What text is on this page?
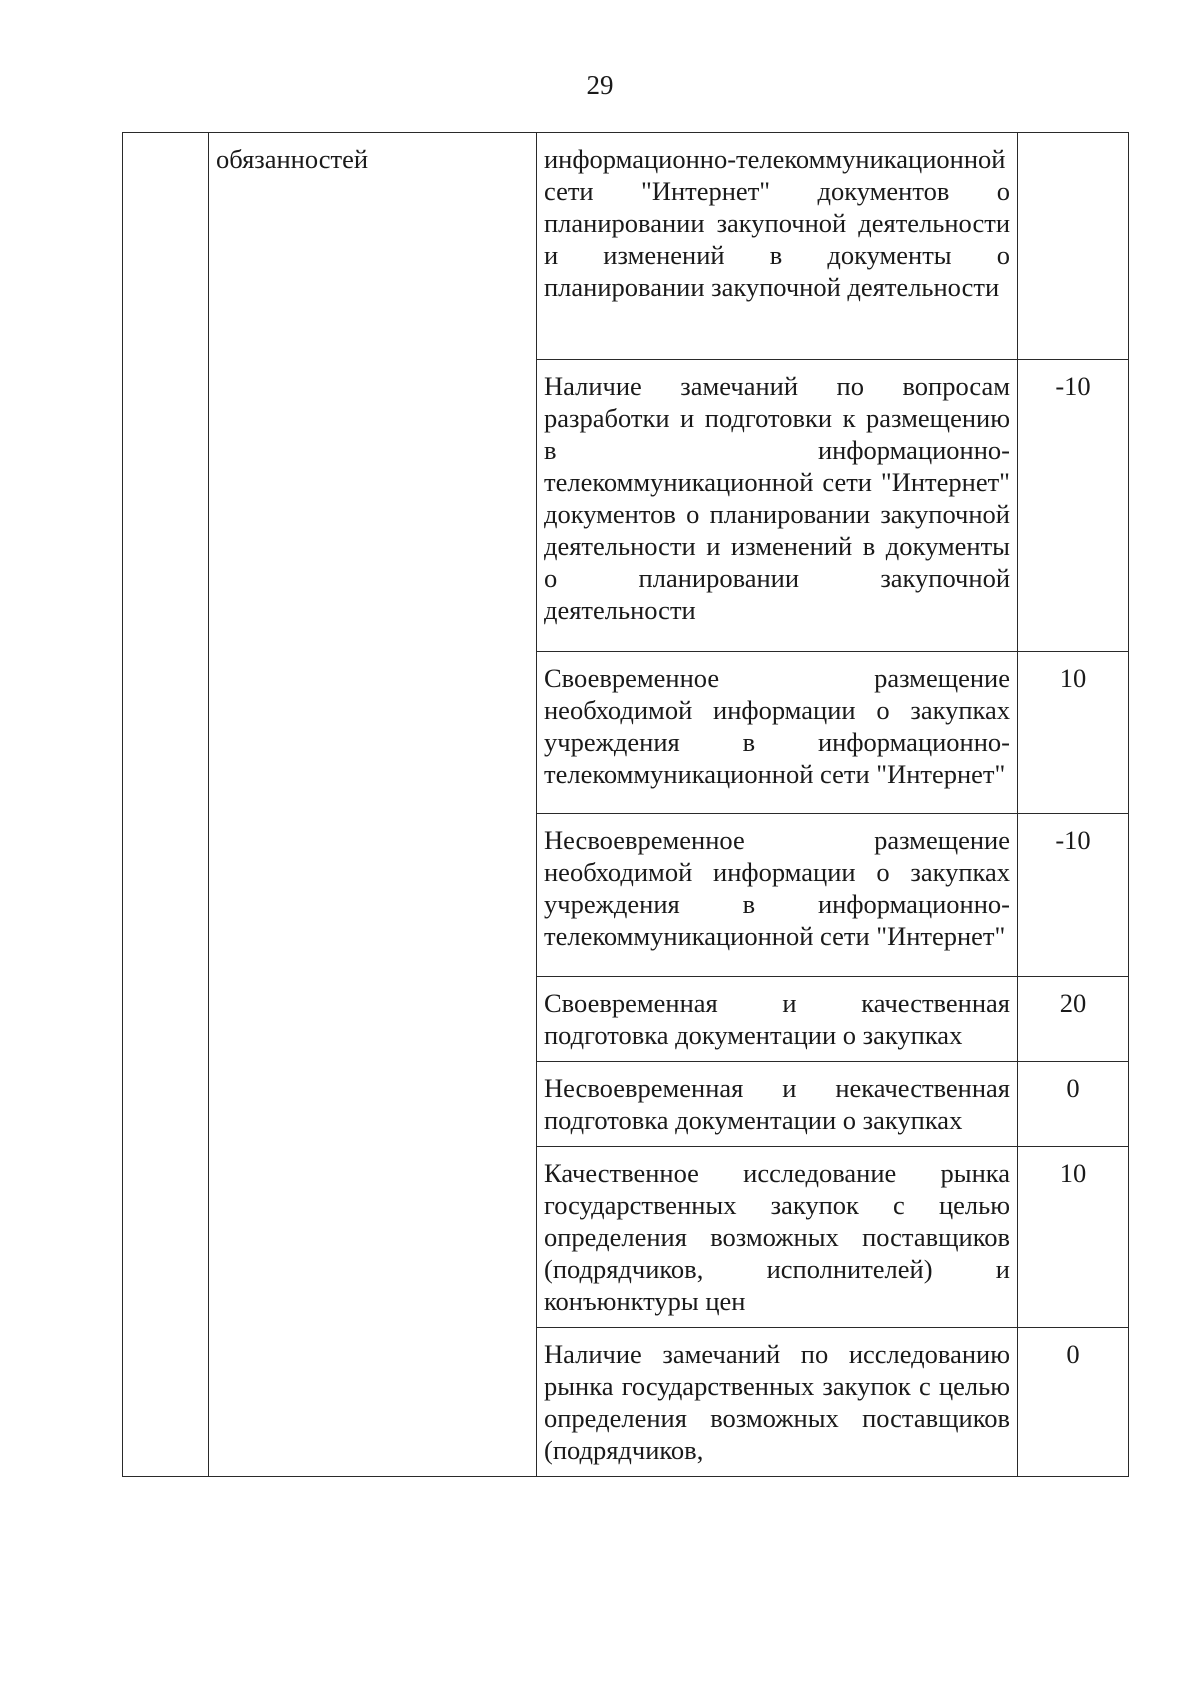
29
	обязанностей	информационно-телекоммуникационной сети "Интернет" документов о планировании закупочной деятельности и изменений в документы о планировании закупочной деятельности	
		Наличие замечаний по вопросам разработки и подготовки к размещению в информационно-телекоммуникационной сети "Интернет" документов о планировании закупочной деятельности и изменений в документы о планировании закупочной деятельности	-10
		Своевременное размещение необходимой информации о закупках учреждения в информационно-телекоммуникационной сети "Интернет"	10
		Несвоевременное размещение необходимой информации о закупках учреждения в информационно-телекоммуникационной сети "Интернет"	-10
		Своевременная и качественная подготовка документации о закупках	20
		Несвоевременная и некачественная подготовка документации о закупках	0
		Качественное исследование рынка государственных закупок с целью определения возможных поставщиков (подрядчиков, исполнителей) и конъюнктуры цен	10
		Наличие замечаний по исследованию рынка государственных закупок с целью определения возможных поставщиков (подрядчиков,	0
